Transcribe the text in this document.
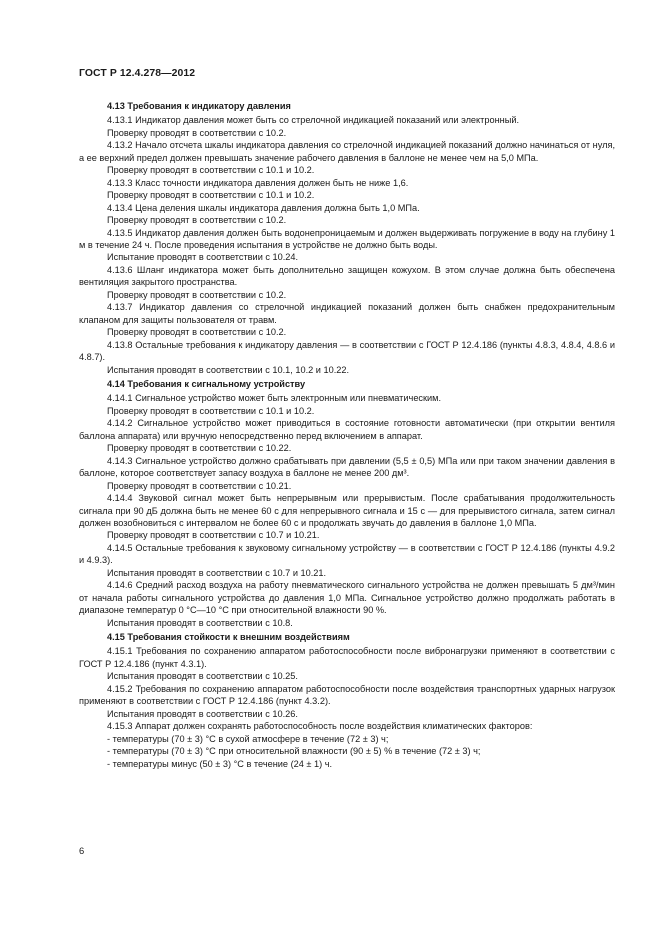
ГОСТ Р 12.4.278—2012

4.13 Требования к индикатору давления

4.13.1 Индикатор давления может быть со стрелочной индикацией показаний или электронный.

Проверку проводят в соответствии с 10.2.

4.13.2 Начало отсчета шкалы индикатора давления со стрелочной индикацией показаний должно начинаться от нуля, а ее верхний предел должен превышать значение рабочего давления в баллоне не менее чем на 5,0 МПа.

Проверку проводят в соответствии с 10.1 и 10.2.

4.13.3 Класс точности индикатора давления должен быть не ниже 1,6.

Проверку проводят в соответствии с 10.1 и 10.2.

4.13.4 Цена деления шкалы индикатора давления должна быть 1,0 МПа.

Проверку проводят в соответствии с 10.2.

4.13.5 Индикатор давления должен быть водонепроницаемым и должен выдерживать погружение в воду на глубину 1 м в течение 24 ч. После проведения испытания в устройстве не должно быть воды.

Испытание проводят в соответствии с 10.24.

4.13.6 Шланг индикатора может быть дополнительно защищен кожухом. В этом случае должна быть обеспечена вентиляция закрытого пространства.

Проверку проводят в соответствии с 10.2.

4.13.7 Индикатор давления со стрелочной индикацией показаний должен быть снабжен предохранительным клапаном для защиты пользователя от травм.

Проверку проводят в соответствии с 10.2.

4.13.8 Остальные требования к индикатору давления — в соответствии с ГОСТ Р 12.4.186 (пункты 4.8.3, 4.8.4, 4.8.6 и 4.8.7).

Испытания проводят в соответствии с 10.1, 10.2 и 10.22.

4.14 Требования к сигнальному устройству

4.14.1 Сигнальное устройство может быть электронным или пневматическим.

Проверку проводят в соответствии с 10.1 и 10.2.

4.14.2 Сигнальное устройство может приводиться в состояние готовности автоматически (при открытии вентиля баллона аппарата) или вручную непосредственно перед включением в аппарат.

Проверку проводят в соответствии с 10.22.

4.14.3 Сигнальное устройство должно срабатывать при давлении (5,5 ± 0,5) МПа или при таком значении давления в баллоне, которое соответствует запасу воздуха в баллоне не менее 200 дм³.

Проверку проводят в соответствии с 10.21.

4.14.4 Звуковой сигнал может быть непрерывным или прерывистым. После срабатывания продолжительность сигнала при 90 дБ должна быть не менее 60 с для непрерывного сигнала и 15 с — для прерывистого сигнала, затем сигнал должен возобновиться с интервалом не более 60 с и продолжать звучать до давления в баллоне 1,0 МПа.

Проверку проводят в соответствии с 10.7 и 10.21.

4.14.5 Остальные требования к звуковому сигнальному устройству — в соответствии с ГОСТ Р 12.4.186 (пункты 4.9.2 и 4.9.3).

Испытания проводят в соответствии с 10.7 и 10.21.

4.14.6 Средний расход воздуха на работу пневматического сигнального устройства не должен превышать 5 дм³/мин от начала работы сигнального устройства до давления 1,0 МПа. Сигнальное устройство должно продолжать работать в диапазоне температур 0 °С—10 °С при относительной влажности 90 %.

Испытания проводят в соответствии с 10.8.

4.15 Требования стойкости к внешним воздействиям

4.15.1 Требования по сохранению аппаратом работоспособности после вибронагрузки применяют в соответствии с ГОСТ Р 12.4.186 (пункт 4.3.1).

Испытания проводят в соответствии с 10.25.

4.15.2 Требования по сохранению аппаратом работоспособности после воздействия транспортных ударных нагрузок применяют в соответствии с ГОСТ Р 12.4.186 (пункт 4.3.2).

Испытания проводят в соответствии с 10.26.

4.15.3 Аппарат должен сохранять работоспособность после воздействия климатических факторов:

- температуры (70 ± 3) °С в сухой атмосфере в течение (72 ± 3) ч;

- температуры (70 ± 3) °С при относительной влажности (90 ± 5) % в течение (72 ± 3) ч;

- температуры минус (50 ± 3) °С в течение (24 ± 1) ч.

6
